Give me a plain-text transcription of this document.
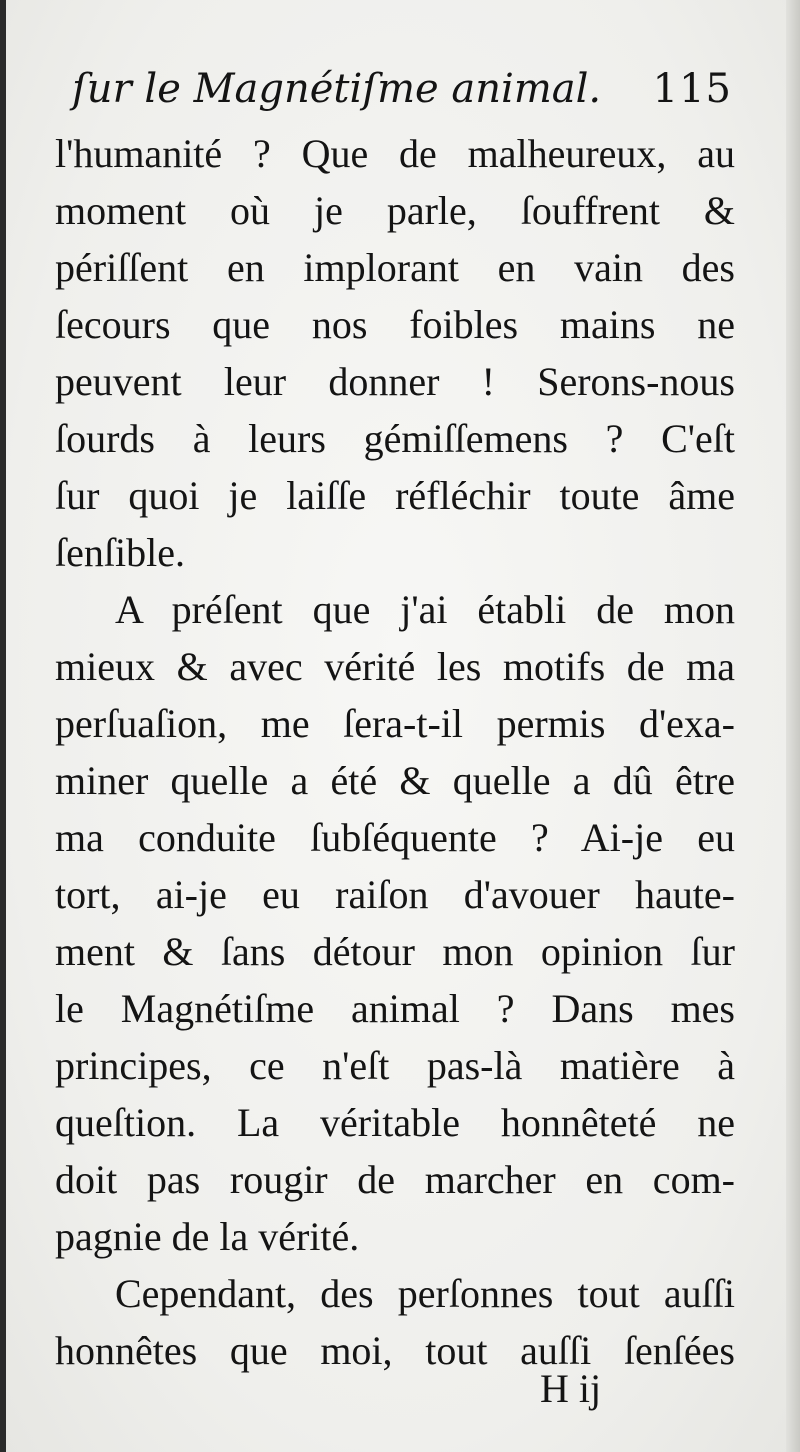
ſur le Magnétiſme animal. 115
l'humanité ? Que de malheureux, au
moment où je parle, ſouffrent &
périſſent en implorant en vain des
ſecours que nos foibles mains ne
peuvent leur donner ! Serons-nous
ſourds à leurs gémiſſemens ? C'eſt
ſur quoi je laiſſe réfléchir toute âme
ſenſible.
A préſent que j'ai établi de mon
mieux & avec vérité les motifs de ma
perſuaſion, me ſera-t-il permis d'exa-
miner quelle a été & quelle a dû être
ma conduite ſubſéquente ? Ai-je eu
tort, ai-je eu raiſon d'avouer haute-
ment & ſans détour mon opinion ſur
le Magnétiſme animal ? Dans mes
principes, ce n'eſt pas-là matière à
queſtion. La véritable honnêteté ne
doit pas rougir de marcher en com-
pagnie de la vérité.
Cependant, des perſonnes tout auſſi
honnêtes que moi, tout auſſi ſenſées
H ij
